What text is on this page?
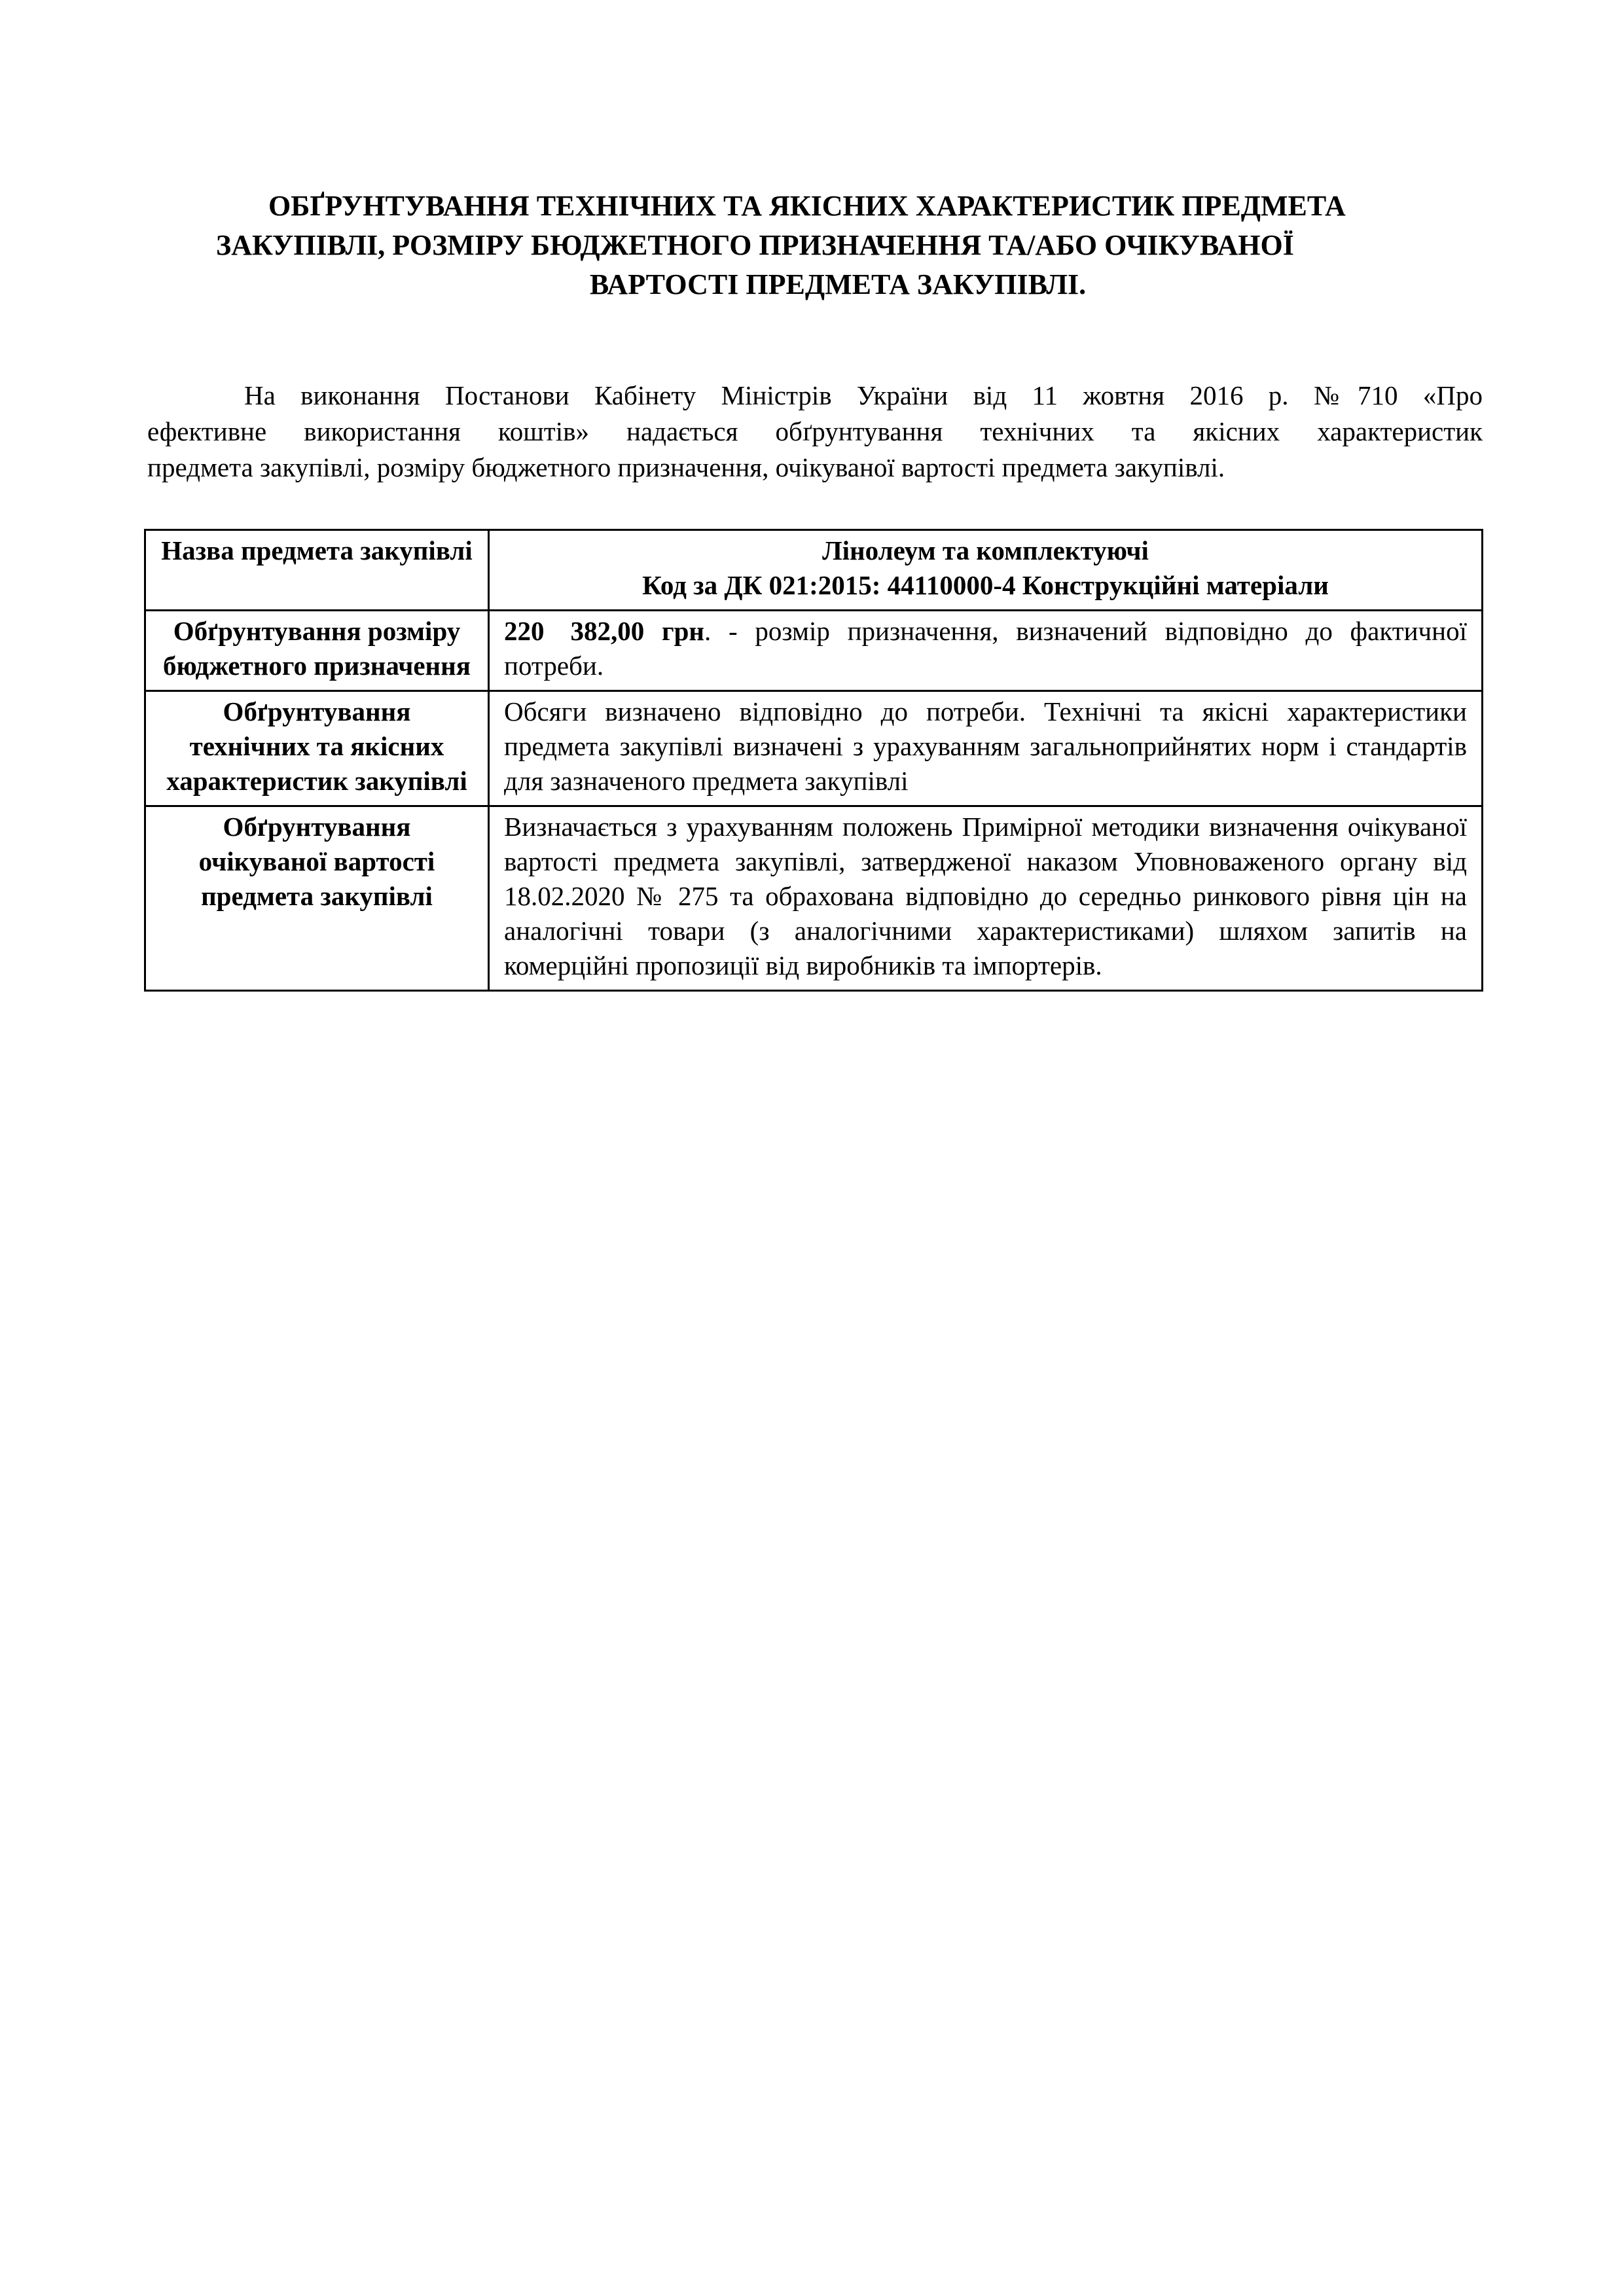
ОБҐРУНТУВАННЯ ТЕХНІЧНИХ ТА ЯКІСНИХ ХАРАКТЕРИСТИК ПРЕДМЕТА
ЗАКУПІВЛІ, РОЗМІРУ БЮДЖЕТНОГО ПРИЗНАЧЕННЯ ТА/АБО ОЧІКУВАНОЇ
ВАРТОСТІ ПРЕДМЕТА ЗАКУПІВЛІ.
На виконання Постанови Кабінету Міністрів України від 11 жовтня 2016 р. №710 «Про
ефективне використання коштів» надається обґрунтування технічних та якісних характеристик
предмета закупівлі, розміру бюджетного призначення, очікуваної вартості предмета закупівлі.
Назва предмета закупівлі	Лінолеум та комплектуючі
Код за ДК 021:2015: 44110000-4 Конструкційні матеріали

Обґрунтування розміру бюджетного призначення	220 382,00 грн. - розмір призначення, визначений відповідно до фактичної потреби.
Обґрунтування технічних та якісних характеристик закупівлі	Обсяги визначено відповідно до потреби. Технічні та якісні характеристики предмета закупівлі визначені з урахуванням загальноприйнятих норм і стандартів для зазначеного предмета закупівлі
Обґрунтування очікуваної вартості предмета закупівлі	Визначається з урахуванням положень Примірної методики визначення очікуваної вартості предмета закупівлі, затвердженої наказом Уповноваженого органу від 18.02.2020 № 275 та обрахована відповідно до середньо ринкового рівня цін на аналогічні товари (з аналогічними характеристиками) шляхом запитів на комерційні пропозиції від виробників та імпортерів.
